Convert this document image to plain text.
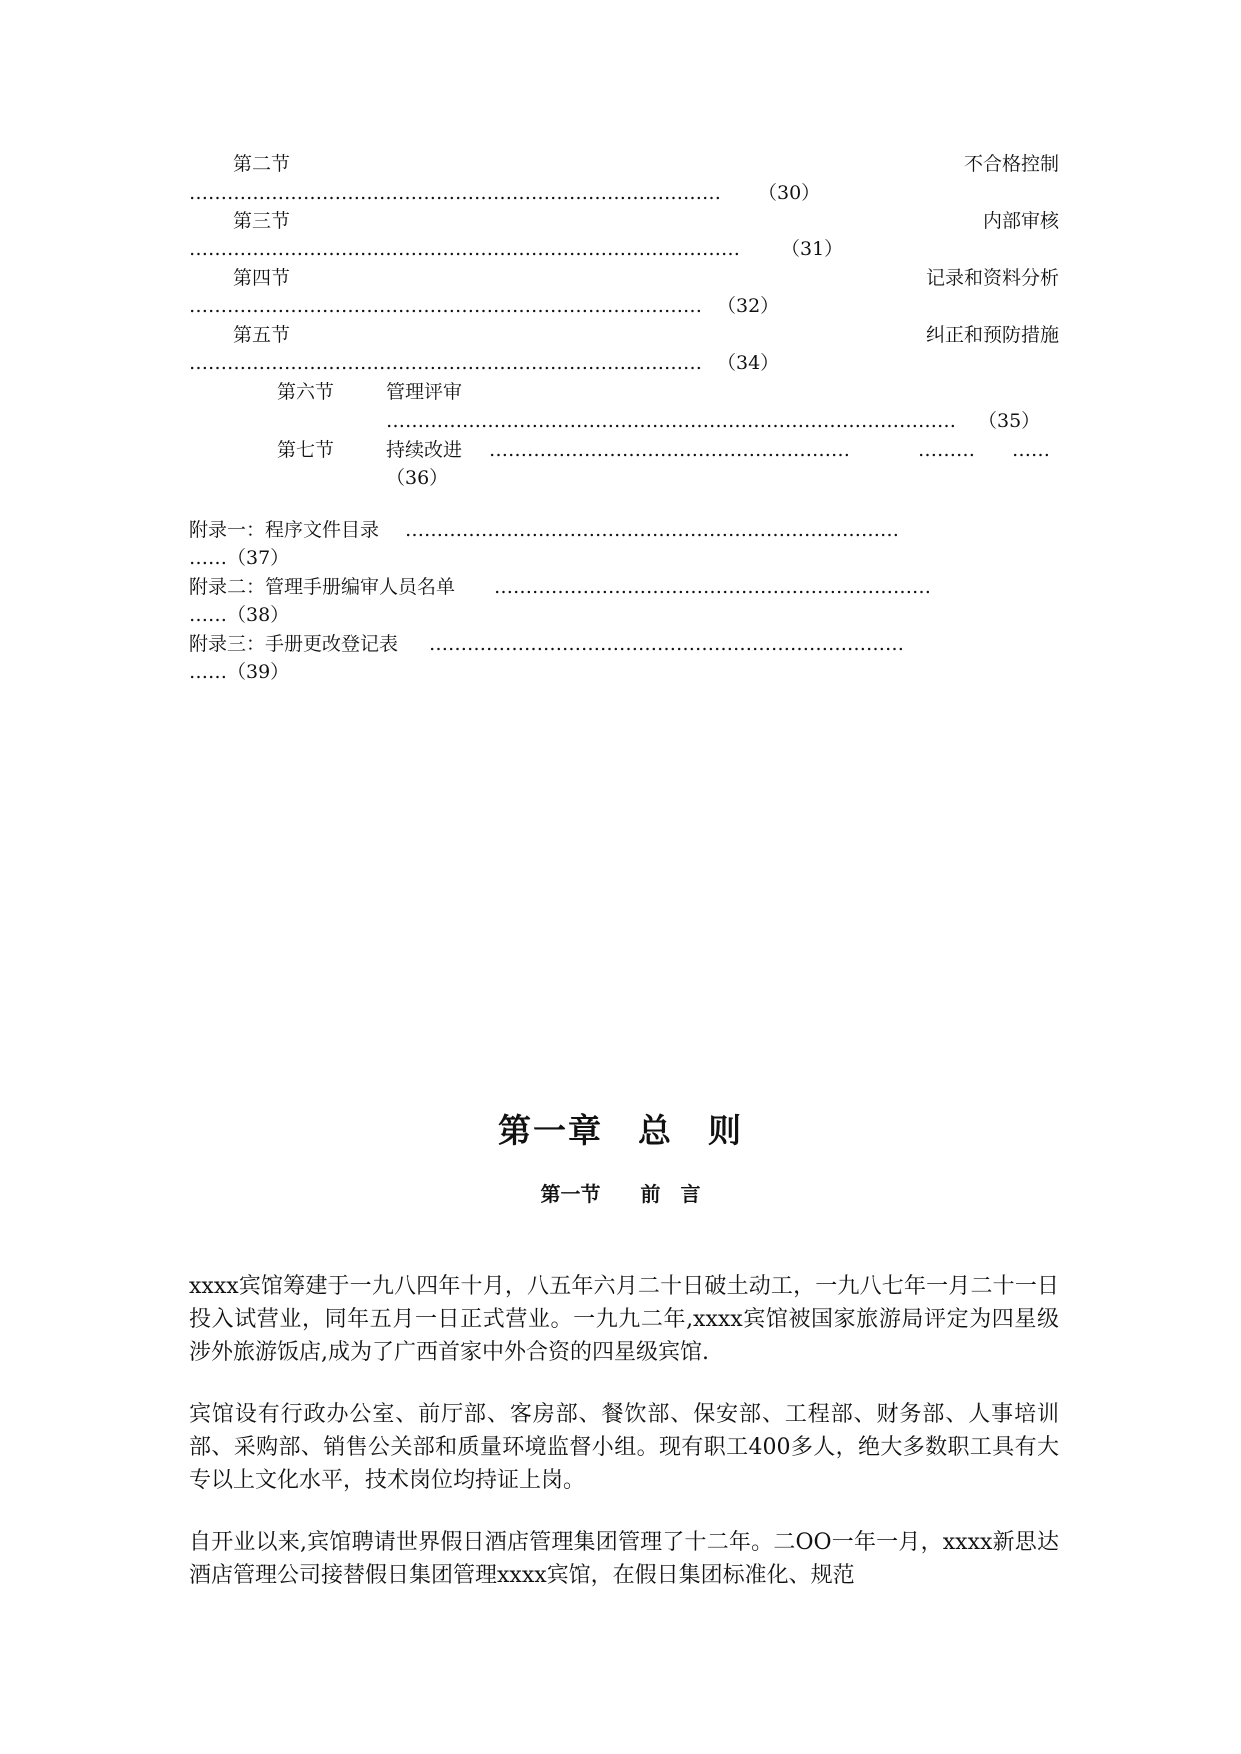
第二节	不合格控制
…………………………………………………………………………	（30）
第三节	内部审核
……………………………………………………………………………	（31）
第四节	记录和资料分析
……………………………………………………………………… （32）
第五节	纠正和预防措施
……………………………………………………………………… （34）
第六节	管理评审
………………………………………………………………………………	（35）
第七节	持续改进 …………………………………………………	………	……
（36）
附录一：程序文件目录 ……………………………………………………………………
……（37）
附录二：管理手册编审人员名单 ……………………………………………………………
……（38）
附录三：手册更改登记表 …………………………………………………………………
……（39）
第一章　总　则
第一节　　前　言
xxxx宾馆筹建于一九八四年十月，八五年六月二十日破土动工，一九八七年一月二十一日投入试营业，同年五月一日正式营业。一九九二年,xxxx宾馆被国家旅游局评定为四星级涉外旅游饭店,成为了广西首家中外合资的四星级宾馆.
宾馆设有行政办公室、前厅部、客房部、餐饮部、保安部、工程部、财务部、人事培训部、采购部、销售公关部和质量环境监督小组。现有职工400多人，绝大多数职工具有大专以上文化水平，技术岗位均持证上岗。
自开业以来,宾馆聘请世界假日酒店管理集团管理了十二年。二OO一年一月，xxxx新思达酒店管理公司接替假日集团管理xxxx宾馆，在假日集团标准化、规范
